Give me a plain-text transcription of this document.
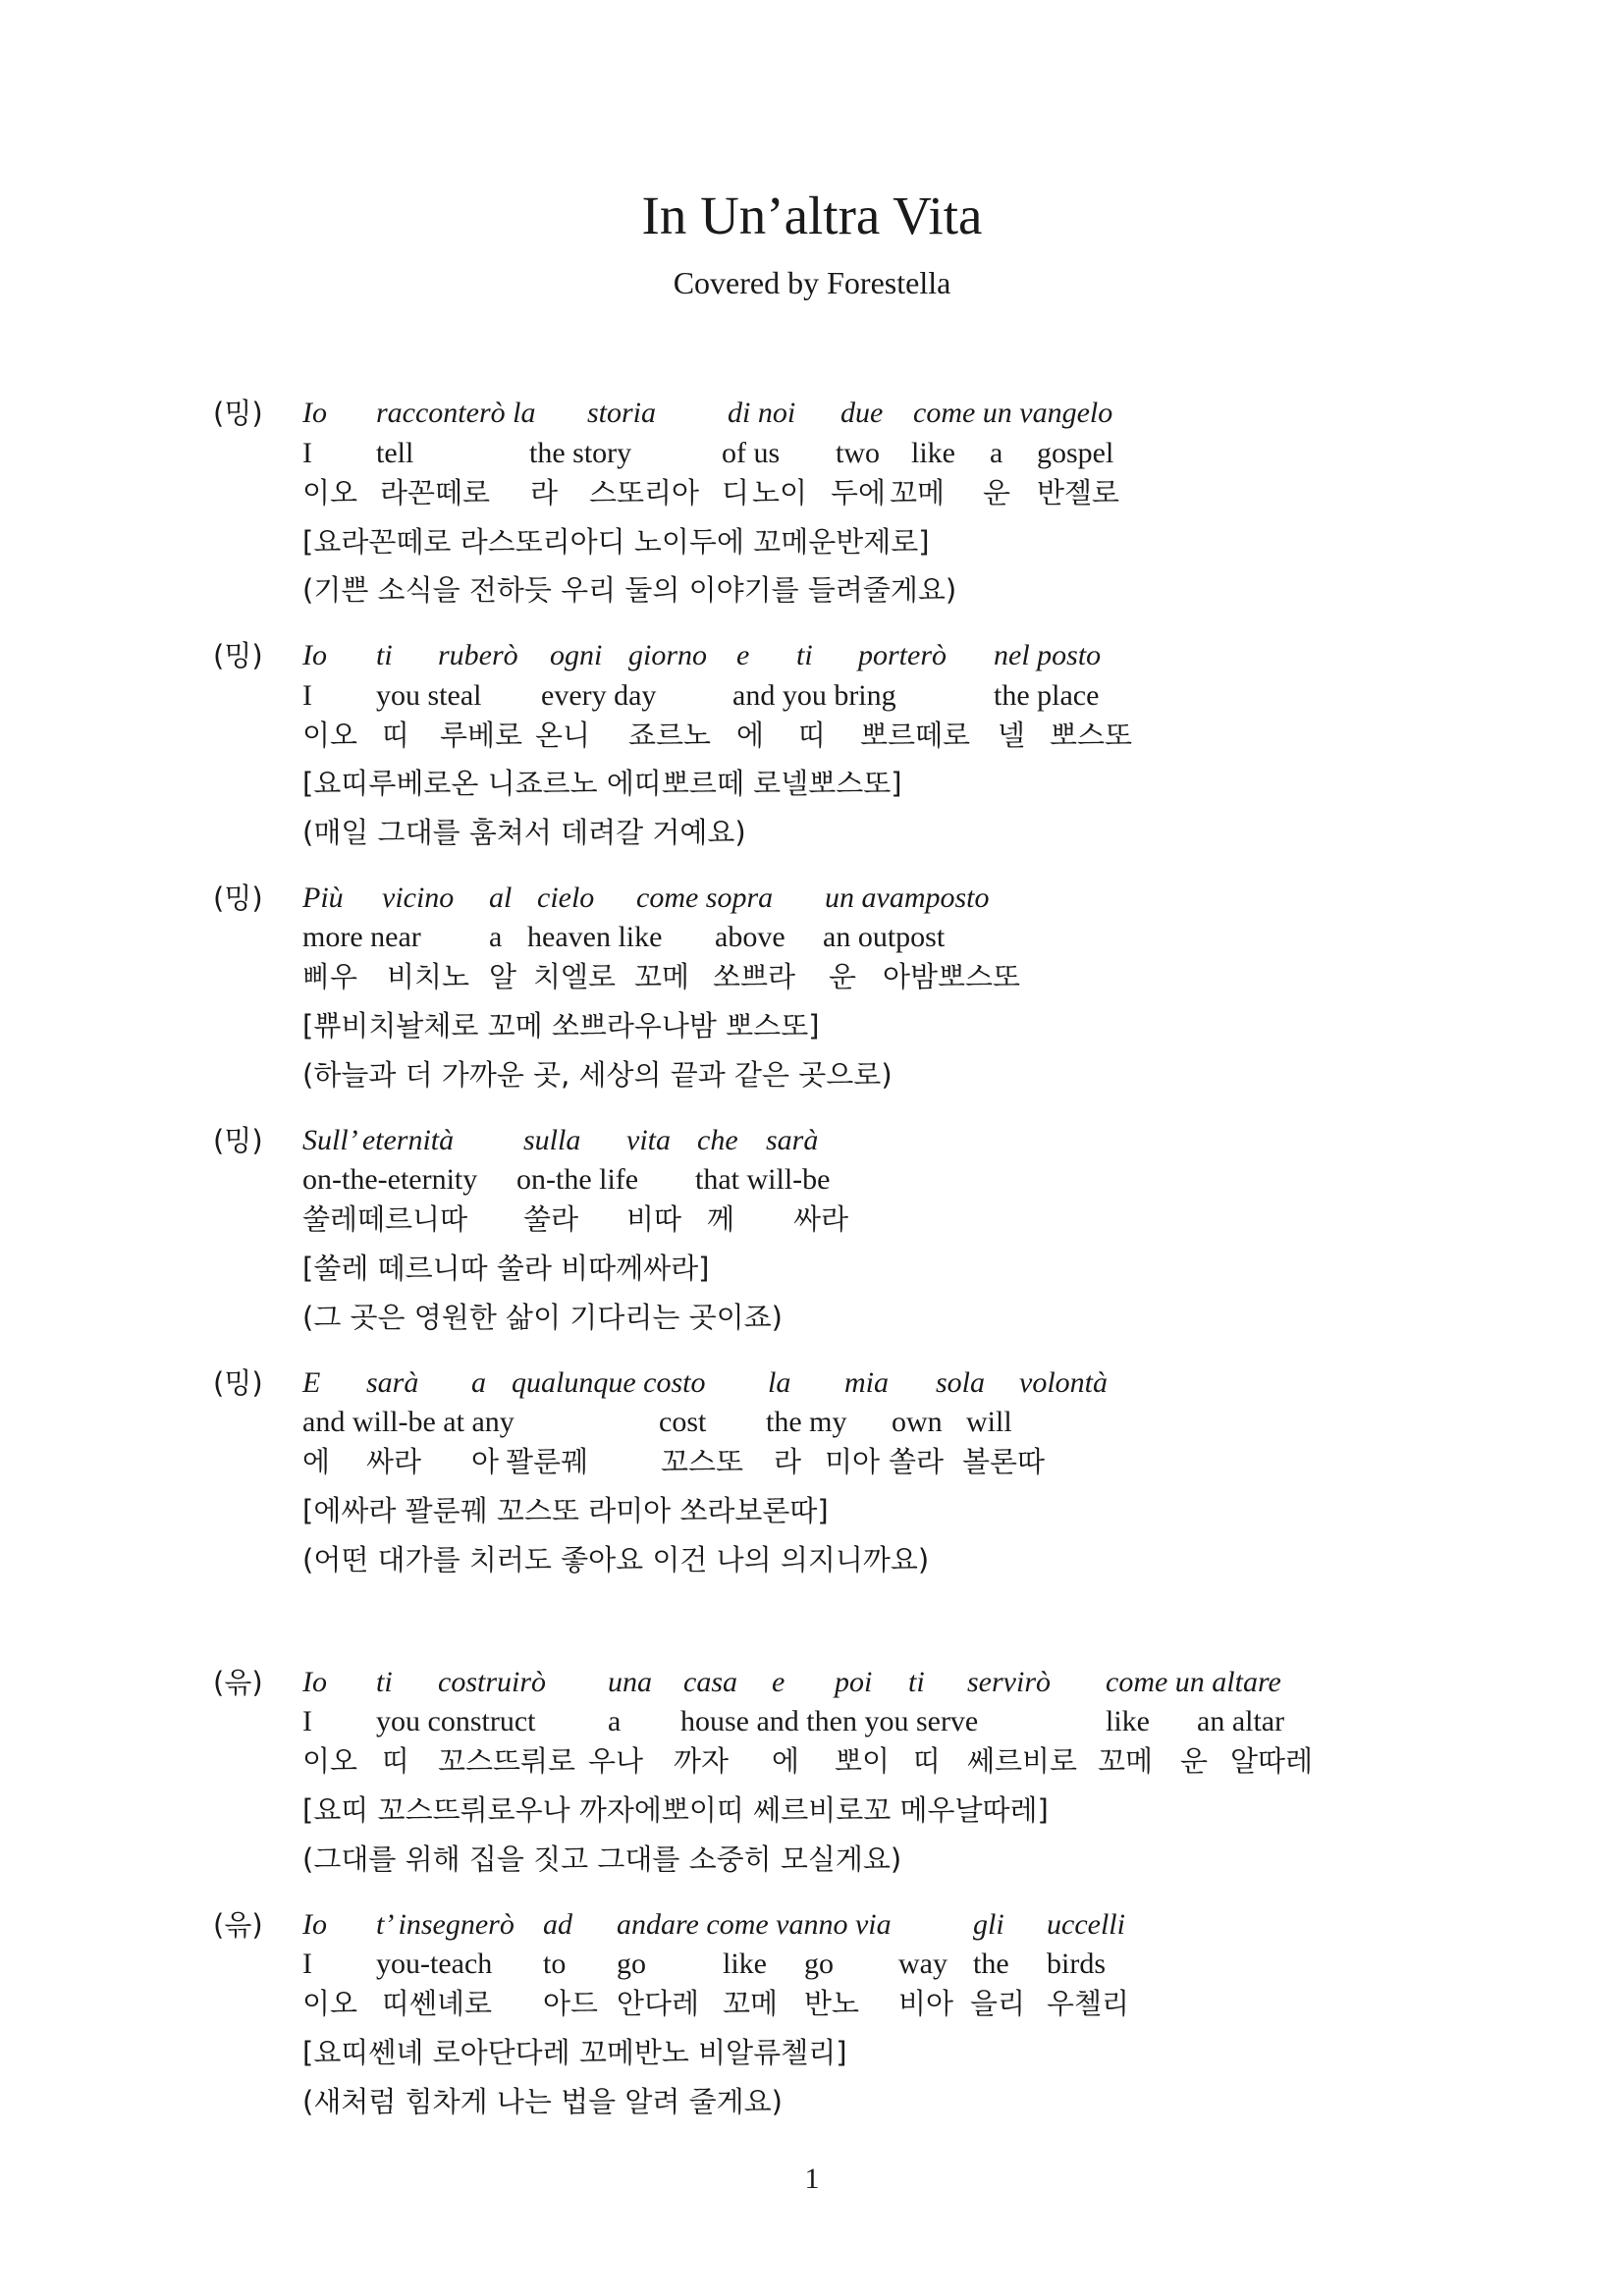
In Un’altra Vita
Covered by Forestella
(밍) Io racconterò la storia di noi due come un vangelo
I tell	the story	of us two like a gospel
이오 라꼰떼로 라 스또리아 디 노이 두에 꼬메 운 반젤로
[요라꼰떼로 라스또리아디 노이두에 꼬메운반제로]
(기쁜 소식을 전하듯 우리 둘의 이야기를 들려줄게요)
(밍) Io ti ruberò ogni giorno e ti porterò nel posto
I you steal every day	and you bring	the place
이오 띠 루베로 온니 죠르노 에 띠 뽀르떼로 넬 뽀스또
[요띠루베로온 니죠르노 에띠뽀르떼 로넬뽀스또]
(매일 그대를 훔쳐서 데려갈 거예요)
(밍) Più vicino al cielo come sopra un avamposto
more near a heaven like above an outpost
삐우 비치노 알 치엘로 꼬메 쏘쁘라 운 아밤뽀스또
[쀼비치놜체로 꼬메 쏘쁘라우나밤 뽀스또]
(하늘과 더 가까운 곳, 세상의 끝과 같은 곳으로)
(밍) Sull’ eternità sulla vita che sarà
on-the-eternity on-the life that will-be
쑬레떼르니따 쑬라 비따 께 싸라
[쑬레 떼르니따 쑬라 비따께싸라]
(그 곳은 영원한 삶이 기다리는 곳이죠)
(밍) E sarà a qualunque costo la mia sola volontà
and will-be at any	cost the my own will
에 싸라 아 꽐룬꿰	꼬스또 라 미아 쏠라 볼론따
[에싸라 꽐룬꿰 꼬스또 라미아 쏘라보론따]
(어떤 대가를 치러도 좋아요 이건 나의 의지니까요)
(윾) Io ti costruirò una casa e poi ti servirò come un altare
I you construct a house and then you serve	like an altar
이오 띠 꼬스뜨뤼로 우나 까자 에 뽀이 띠 쎄르비로 꼬메 운 알따레
[요띠 꼬스뜨뤼로우나 까자에뽀이띠 쎄르비로꼬 메우날따레]
(그대를 위해 집을 짓고 그대를 소중히 모실게요)
(윾) Io t’ insegnerò ad andare come vanno via	gli uccelli
I you-teach to go	like go way the birds
이오 띠쎈녜로 아드 안다레 꼬메 반노 비아 을리 우첼리
[요띠쎈녜 로아단다레 꼬메반노 비알류첼리]
(새처럼 힘차게 나는 법을 알려 줄게요)
1
